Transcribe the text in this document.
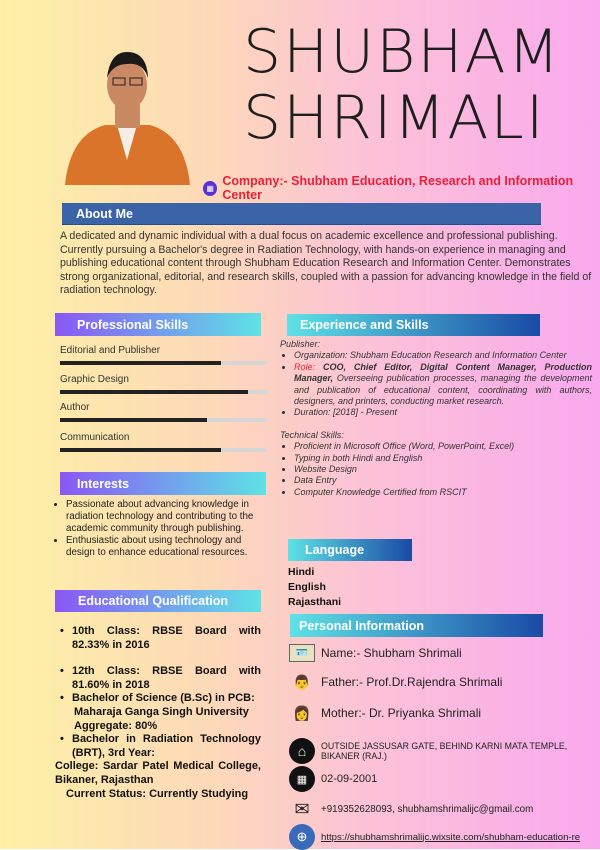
SHUBHAM
SHRIMALI
▦ Company:- Shubham Education, Research and Information Center
About Me

A dedicated and dynamic individual with a dual focus on academic excellence and professional publishing. Currently pursuing a Bachelor's degree in Radiation Technology, with hands-on experience in managing and publishing educational content through Shubham Education Research and Information Center. Demonstrates strong organizational, editorial, and research skills, coupled with a passion for advancing knowledge in the field of radiation technology.

Professional Skills
Editorial and Publisher
Graphic Design
Author
Communication
Interests
• Passionate about advancing knowledge in radiation technology and contributing to the academic community through publishing.
• Enthusiastic about using technology and design to enhance educational resources.
Educational Qualification
• 10th Class: RBSE Board with 82.33% in 2016
• 12th Class: RBSE Board with 81.60% in 2018
• Bachelor of Science (B.Sc) in PCB:
Maharaja Ganga Singh University
Aggregate: 80%
• Bachelor in Radiation Technology (BRT), 3rd Year:
College: Sardar Patel Medical College, Bikaner, Rajasthan
Current Status: Currently Studying
Experience and Skills
Publisher:
• Organization: Shubham Education Research and Information Center
• Role: COO, Chief Editor, Digital Content Manager, Production Manager, Overseeing publication processes, managing the development and publication of educational content, coordinating with authors, designers, and printers, conducting market research.
• Duration: [2018] - Present
Technical Skills:
• Proficient in Microsoft Office (Word, PowerPoint, Excel)
• Typing in both Hindi and English
• Website Design
• Data Entry
• Computer Knowledge Certified from RSCIT
Language
Hindi
English
Rajasthani
Personal Information
🪪	Name:- Shubham Shrimali
👨 Father:- Prof.Dr.Rajendra Shrimali
👩 Mother:- Dr. Priyanka Shrimali
⌂	OUTSIDE JASSUSAR GATE, BEHIND KARNI MATA TEMPLE, BIKANER (RAJ.)
▦	02-09-2001
✉	+919352628093, shubhamshrimalijc@gmail.com
⊕	https://shubhamshrimalijc.wixsite.com/shubham-education-re
